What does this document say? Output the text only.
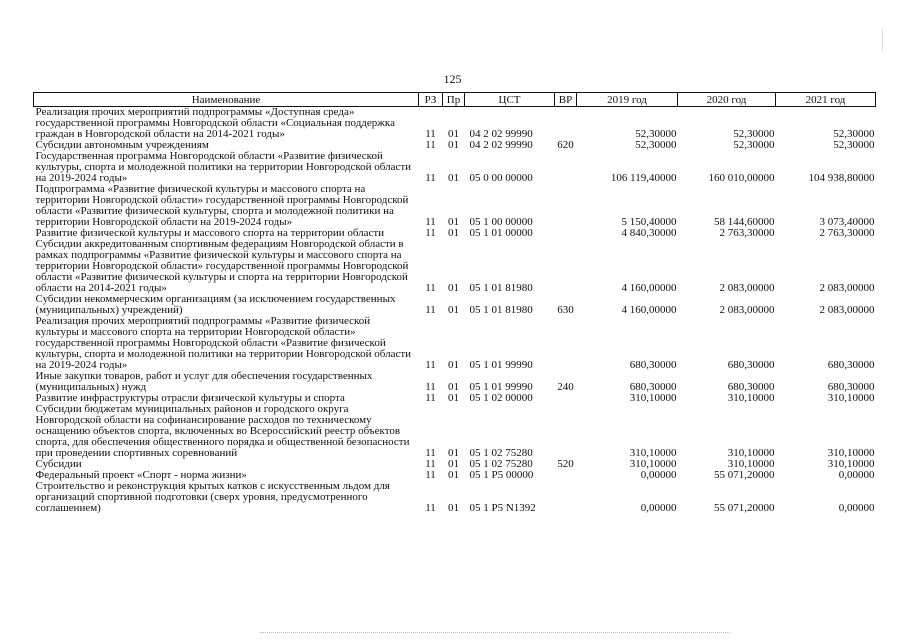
125
Наименование	РЗ	Пр	ЦСТ	ВР	2019 год	2020 год	2021 год
Реализация прочих мероприятий подпрограммы «Доступная среда» государственной программы Новгородской области «Социальная поддержка граждан в Новгородской области на 2014-2021 годы»	11	01	04 2 02 99990		52,30000	52,30000	52,30000
Субсидии автономным учреждениям	11	01	04 2 02 99990	620	52,30000	52,30000	52,30000
Государственная программа Новгородской области «Развитие физической культуры, спорта и молодежной политики на территории Новгородской области на 2019-2024 годы»	11	01	05 0 00 00000		106 119,40000	160 010,00000	104 938,80000
Подпрограмма «Развитие физической культуры и массового спорта на территории Новгородской области» государственной программы Новгородской области «Развитие физической культуры, спорта и молодежной политики на территории Новгородской области на 2019-2024 годы»	11	01	05 1 00 00000		5 150,40000	58 144,60000	3 073,40000
Развитие физической культуры и массового спорта на территории области	11	01	05 1 01 00000		4 840,30000	2 763,30000	2 763,30000
Субсидии аккредитованным спортивным федерациям Новгородской области в рамках подпрограммы «Развитие физической культуры и массового спорта на территории Новгородской области» государственной программы Новгородской области «Развитие физической культуры и спорта на территории Новгородской области на 2014-2021 годы»	11	01	05 1 01 81980		4 160,00000	2 083,00000	2 083,00000
Субсидии некоммерческим организациям (за исключением государственных (муниципальных) учреждений)	11	01	05 1 01 81980	630	4 160,00000	2 083,00000	2 083,00000
Реализация прочих мероприятий подпрограммы «Развитие физической культуры и массового спорта на территории Новгородской области» государственной программы Новгородской области «Развитие физической культуры, спорта и молодежной политики на территории Новгородской области на 2019-2024 годы»	11	01	05 1 01 99990		680,30000	680,30000	680,30000
Иные закупки товаров, работ и услуг для обеспечения государственных (муниципальных) нужд	11	01	05 1 01 99990	240	680,30000	680,30000	680,30000
Развитие инфраструктуры отрасли физической культуры и спорта	11	01	05 1 02 00000		310,10000	310,10000	310,10000
Субсидии бюджетам муниципальных районов и городского округа Новгородской области на софинансирование расходов по техническому оснащению объектов спорта, включенных во Всероссийский реестр объектов спорта, для обеспечения общественного порядка и общественной безопасности при проведении спортивных соревнований	11	01	05 1 02 75280		310,10000	310,10000	310,10000
Субсидии	11	01	05 1 02 75280	520	310,10000	310,10000	310,10000
Федеральный проект «Спорт - норма жизни»	11	01	05 1 P5 00000		0,00000	55 071,20000	0,00000
Строительство и реконструкция крытых катков с искусственным льдом для организаций спортивной подготовки (сверх уровня, предусмотренного соглашением)	11	01	05 1 P5 N1392		0,00000	55 071,20000	0,00000
